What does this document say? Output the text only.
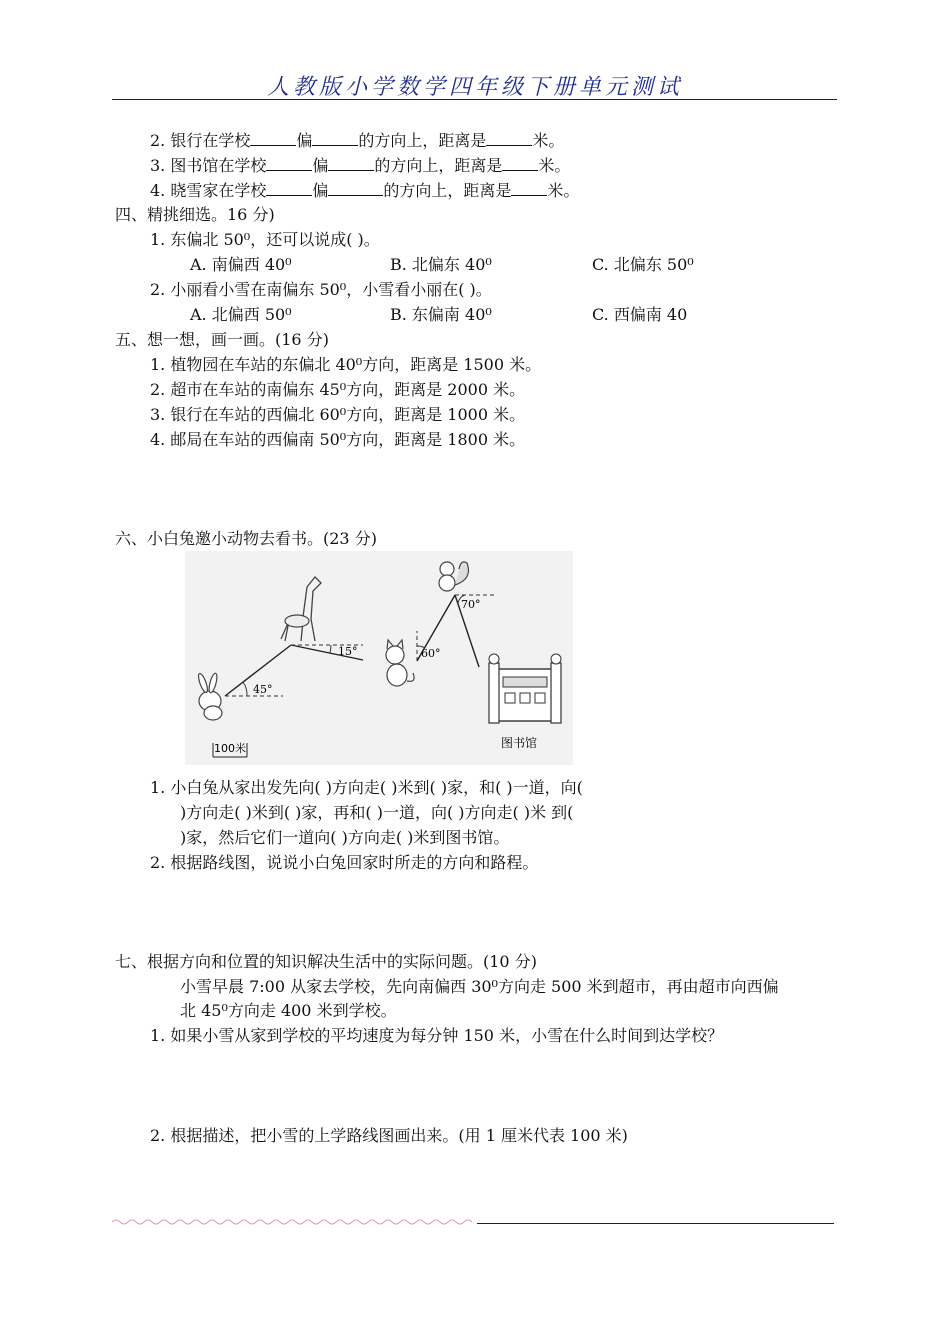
人教版小学数学四年级下册单元测试
2. 银行在学校	偏	的方向上，距离是	米。
3. 图书馆在学校	偏	的方向上，距离是 米。
4. 晓雪家在学校	偏	的方向上，距离是 米。
四、精挑细选。16 分)
1. 东偏北 50⁰，还可以说成( )。
A. 南偏西 40⁰	B. 北偏东 40⁰	C. 北偏东 50⁰
2. 小丽看小雪在南偏东 50⁰，小雪看小丽在( )。
A. 北偏西 50⁰	B. 东偏南 40⁰	C. 西偏南 40
五、想一想，画一画。(16 分)
1. 植物园在车站的东偏北 40⁰方向，距离是 1500 米。
2. 超市在车站的南偏东 45⁰方向，距离是 2000 米。
3. 银行在车站的西偏北 60⁰方向，距离是 1000 米。
4. 邮局在车站的西偏南 50⁰方向，距离是 1800 米。
六、小白兔邀小动物去看书。(23 分)
45°
15°	60°
70°
图书馆
100米
1. 小白兔从家出发先向( )方向走( )米到( )家，和( )一道，向(
)方向走( )米到( )家，再和( )一道，向( )方向走( )米 到(
)家，然后它们一道向( )方向走( )米到图书馆。
2. 根据路线图，说说小白兔回家时所走的方向和路程。
七、根据方向和位置的知识解决生活中的实际问题。(10 分)
小雪早晨 7:00 从家去学校，先向南偏西 30⁰方向走 500 米到超市，再由超市向西偏
北 45⁰方向走 400 米到学校。
1. 如果小雪从家到学校的平均速度为每分钟 150 米，小雪在什么时间到达学校？
2. 根据描述，把小雪的上学路线图画出来。(用 1 厘米代表 100 米)
